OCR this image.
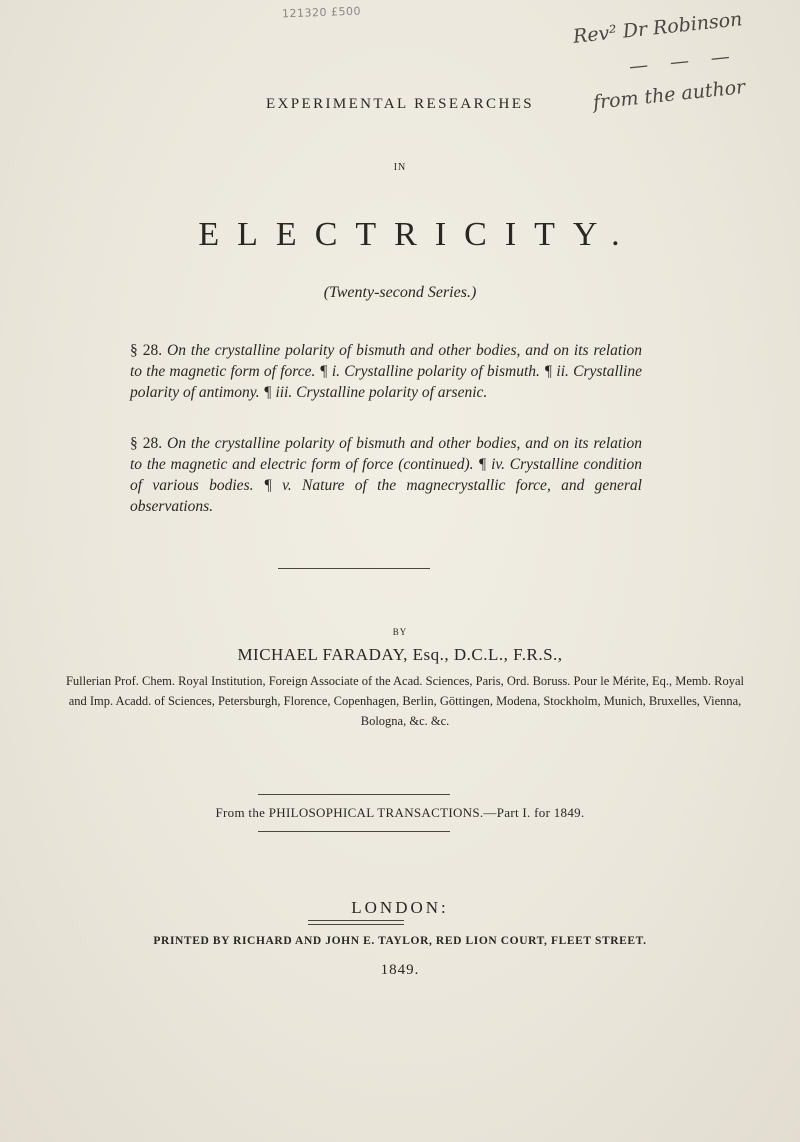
121320 £500	Rev² Dr Robinson
— — —
from the author
EXPERIMENTAL RESEARCHES
IN
ELECTRICITY.
(Twenty-second Series.)
§ 28. On the crystalline polarity of bismuth and other bodies, and on its relation to the magnetic form of force. ¶ i. Crystalline polarity of bismuth. ¶ ii. Crystalline polarity of antimony. ¶ iii. Crystalline polarity of arsenic.
§ 28. On the crystalline polarity of bismuth and other bodies, and on its relation to the magnetic and electric form of force (continued). ¶ iv. Crystalline condition of various bodies. ¶ v. Nature of the magnecrystallic force, and general observations.
BY
MICHAEL FARADAY, Esq., D.C.L., F.R.S.,
Fullerian Prof. Chem. Royal Institution, Foreign Associate of the Acad. Sciences, Paris, Ord. Boruss. Pour le Mérite, Eq., Memb. Royal and Imp. Acadd. of Sciences, Petersburgh, Florence, Copenhagen, Berlin, Göttingen, Modena, Stockholm, Munich, Bruxelles, Vienna, Bologna, &c. &c.
From the PHILOSOPHICAL TRANSACTIONS.—Part I. for 1849.
LONDON:
PRINTED BY RICHARD AND JOHN E. TAYLOR, RED LION COURT, FLEET STREET.
1849.
